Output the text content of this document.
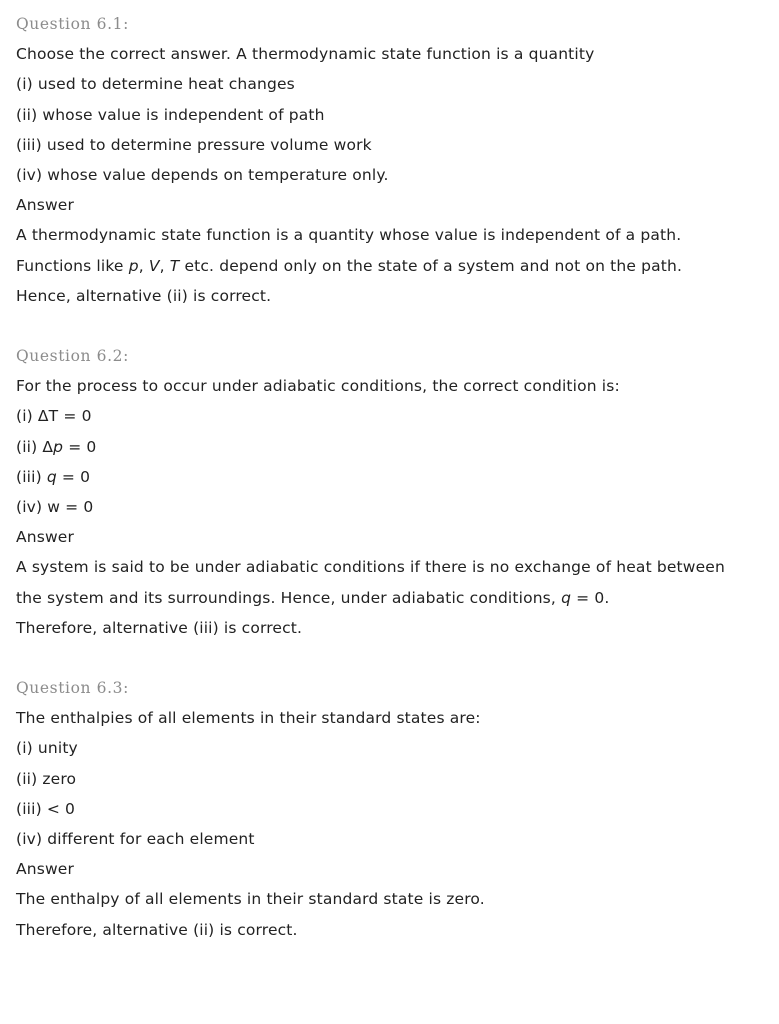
Question 6.1:
Choose the correct answer. A thermodynamic state function is a quantity
(i) used to determine heat changes
(ii) whose value is independent of path
(iii) used to determine pressure volume work
(iv) whose value depends on temperature only.
Answer
A thermodynamic state function is a quantity whose value is independent of a path.
Functions like p, V, T etc. depend only on the state of a system and not on the path.
Hence, alternative (ii) is correct.
Question 6.2:
For the process to occur under adiabatic conditions, the correct condition is:
(i) ΔT = 0
(ii) Δp = 0
(iii) q = 0
(iv) w = 0
Answer
A system is said to be under adiabatic conditions if there is no exchange of heat between
the system and its surroundings. Hence, under adiabatic conditions, q = 0.
Therefore, alternative (iii) is correct.
Question 6.3:
The enthalpies of all elements in their standard states are:
(i) unity
(ii) zero
(iii) < 0
(iv) different for each element
Answer
The enthalpy of all elements in their standard state is zero.
Therefore, alternative (ii) is correct.
